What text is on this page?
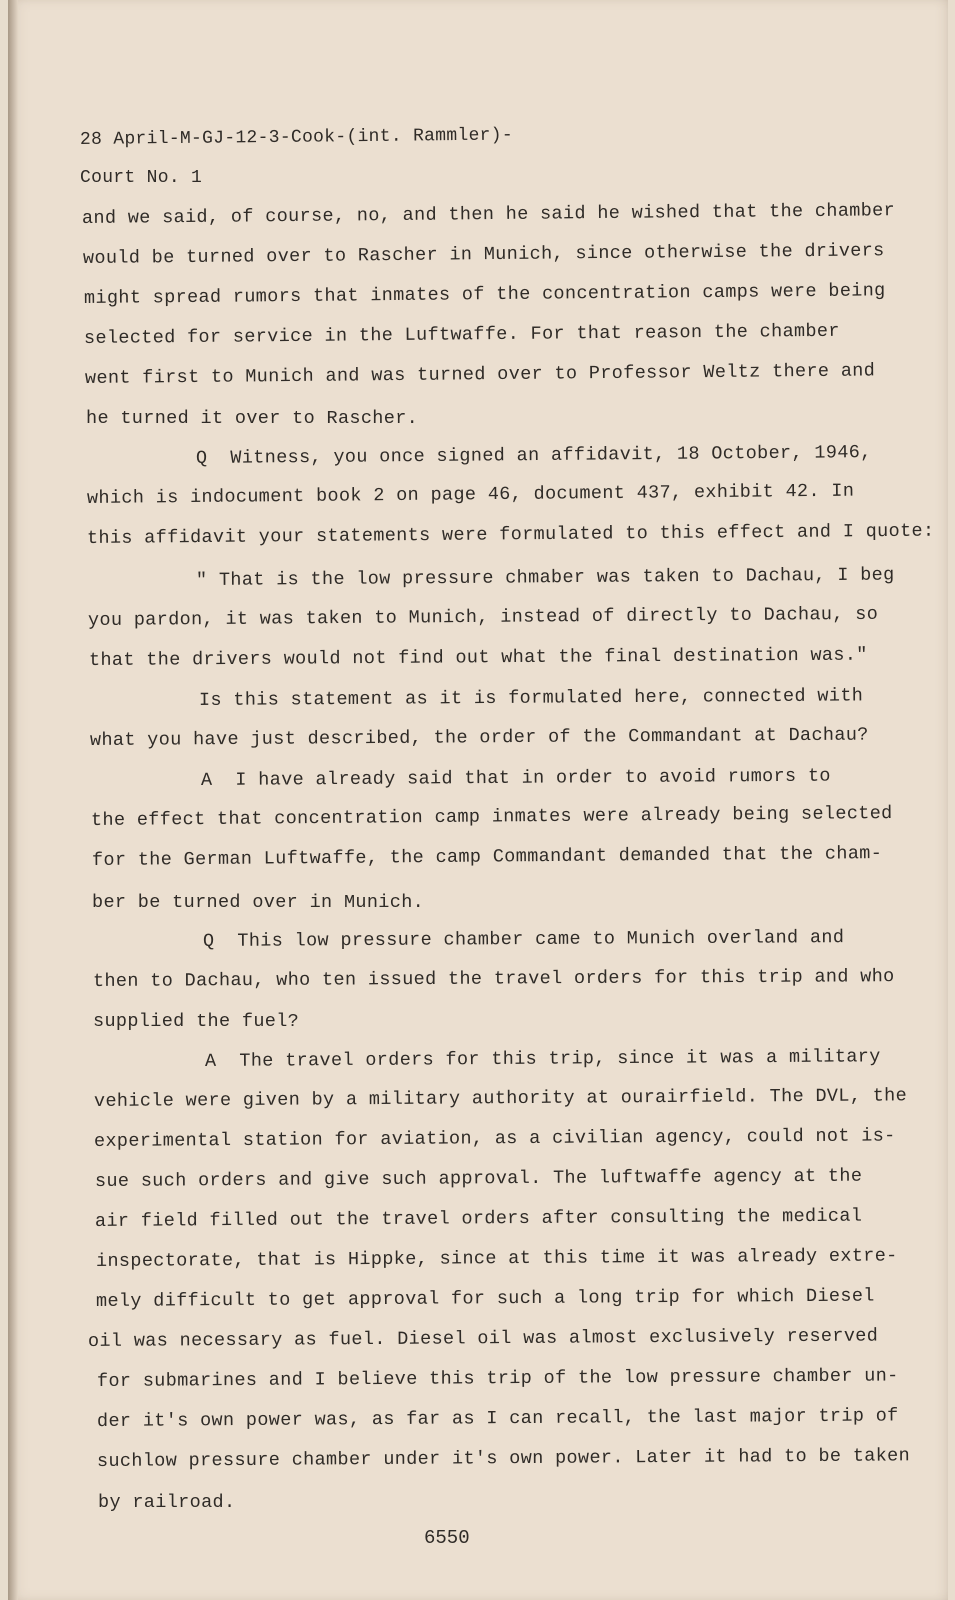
28 April-M-GJ-12-3-Cook-(int. Rammler)-
Court No. 1
and we said, of course, no, and then he said he wished that the chamber
would be turned over to Rascher in Munich, since otherwise the drivers
might spread rumors that inmates of the concentration camps were being
selected for service in the Luftwaffe. For that reason the chamber
went first to Munich and was turned over to Professor Weltz there and
he turned it over to Rascher.
Q  Witness, you once signed an affidavit, 18 October, 1946,
which is indocument book 2 on page 46, document 437, exhibit 42. In
this affidavit your statements were formulated to this effect and I quote:
" That is the low pressure chmaber was taken to Dachau, I beg
you pardon, it was taken to Munich, instead of directly to Dachau, so
that the drivers would not find out what the final destination was."
Is this statement as it is formulated here, connected with
what you have just described, the order of the Commandant at Dachau?
A  I have already said that in order to avoid rumors to
the effect that concentration camp inmates were already being selected
for the German Luftwaffe, the camp Commandant demanded that the cham-
ber be turned over in Munich.
Q  This low pressure chamber came to Munich overland and
then to Dachau, who ten issued the travel orders for this trip and who
supplied the fuel?
A  The travel orders for this trip, since it was a military
vehicle were given by a military authority at ourairfield. The DVL, the
experimental station for aviation, as a civilian agency, could not is-
sue such orders and give such approval. The luftwaffe agency at the
air field filled out the travel orders after consulting the medical
inspectorate, that is Hippke, since at this time it was already extre-
mely difficult to get approval for such a long trip for which Diesel
oil was necessary as fuel. Diesel oil was almost exclusively reserved
for submarines and I believe this trip of the low pressure chamber un-
der it's own power was, as far as I can recall, the last major trip of
suchlow pressure chamber under it's own power. Later it had to be taken
by railroad.
6550
